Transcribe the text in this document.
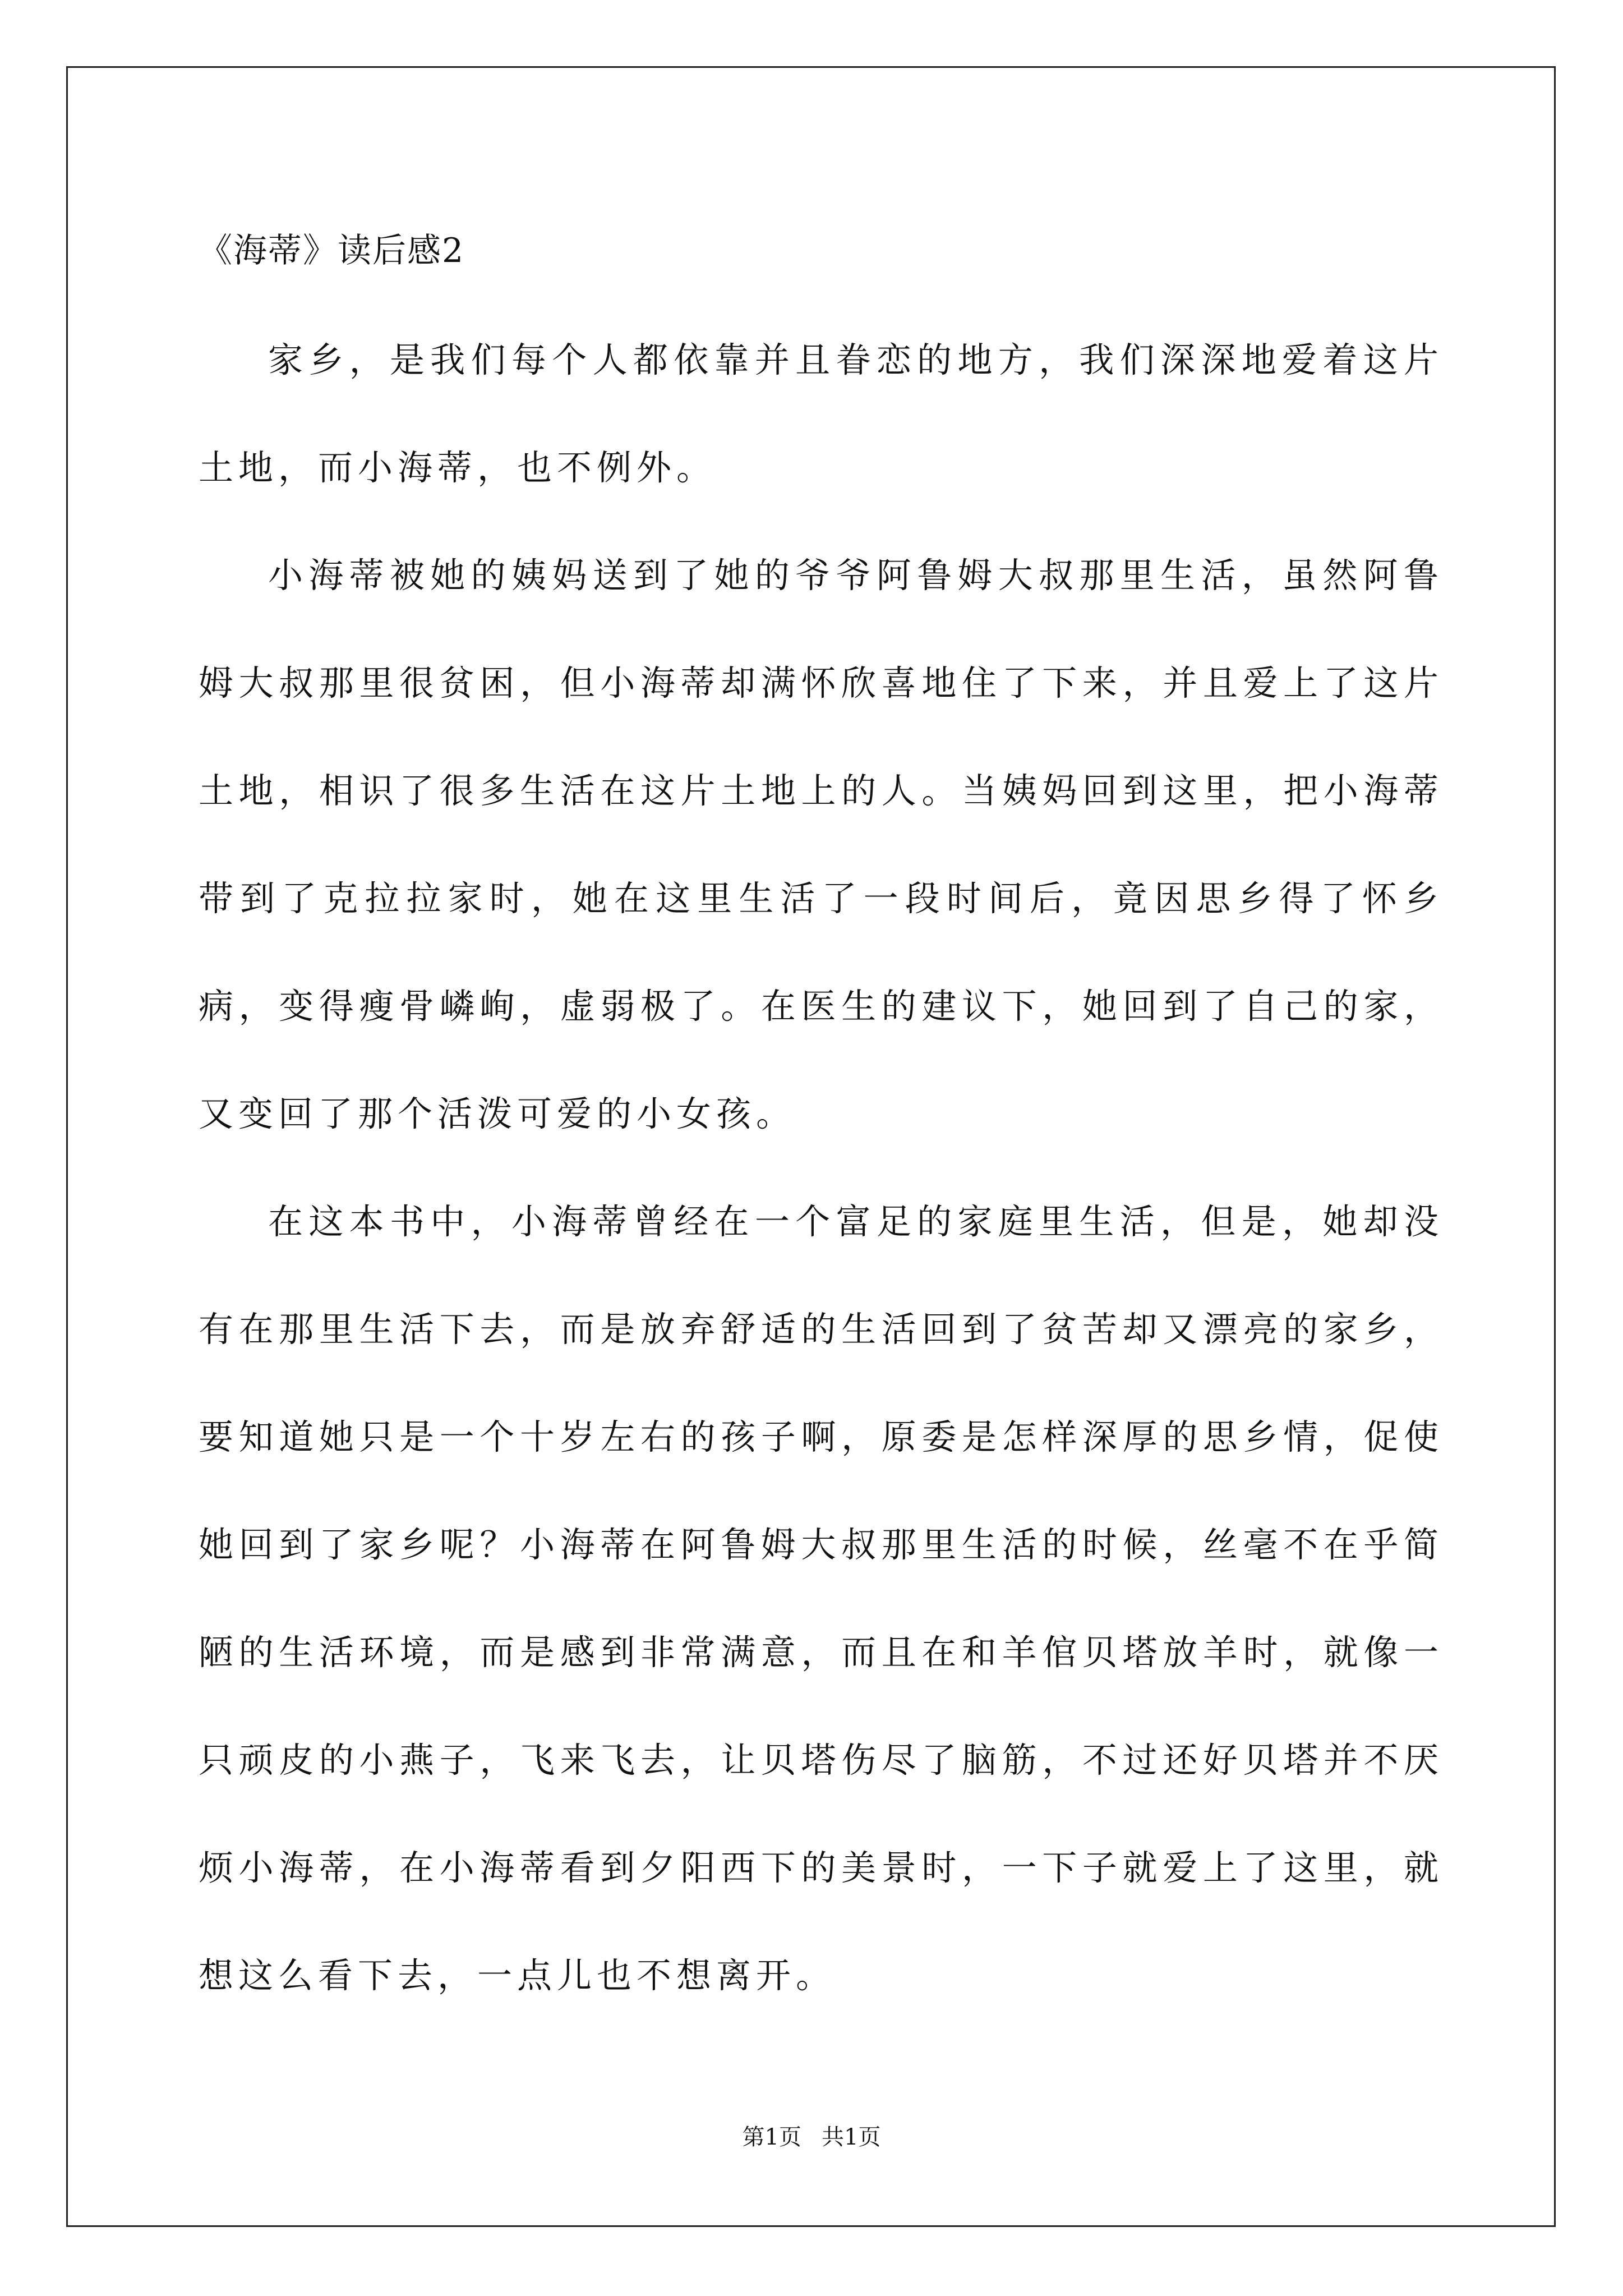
《海蒂》读后感2

家乡，是我们每个人都依靠并且眷恋的地方，我们深深地爱着这片土地，而小海蒂，也不例外。

小海蒂被她的姨妈送到了她的爷爷阿鲁姆大叔那里生活，虽然阿鲁姆大叔那里很贫困，但小海蒂却满怀欣喜地住了下来，并且爱上了这片土地，相识了很多生活在这片土地上的人。当姨妈回到这里，把小海蒂带到了克拉拉家时，她在这里生活了一段时间后，竟因思乡得了怀乡病，变得瘦骨嶙峋，虚弱极了。在医生的建议下，她回到了自己的家，又变回了那个活泼可爱的小女孩。

在这本书中，小海蒂曾经在一个富足的家庭里生活，但是，她却没有在那里生活下去，而是放弃舒适的生活回到了贫苦却又漂亮的家乡，要知道她只是一个十岁左右的孩子啊，原委是怎样深厚的思乡情，促使她回到了家乡呢？小海蒂在阿鲁姆大叔那里生活的时候，丝毫不在乎简陋的生活环境，而是感到非常满意，而且在和羊倌贝塔放羊时，就像一只顽皮的小燕子，飞来飞去，让贝塔伤尽了脑筋，不过还好贝塔并不厌烦小海蒂，在小海蒂看到夕阳西下的美景时，一下子就爱上了这里，就想这么看下去，一点儿也不想离开。

第1页 共1页
